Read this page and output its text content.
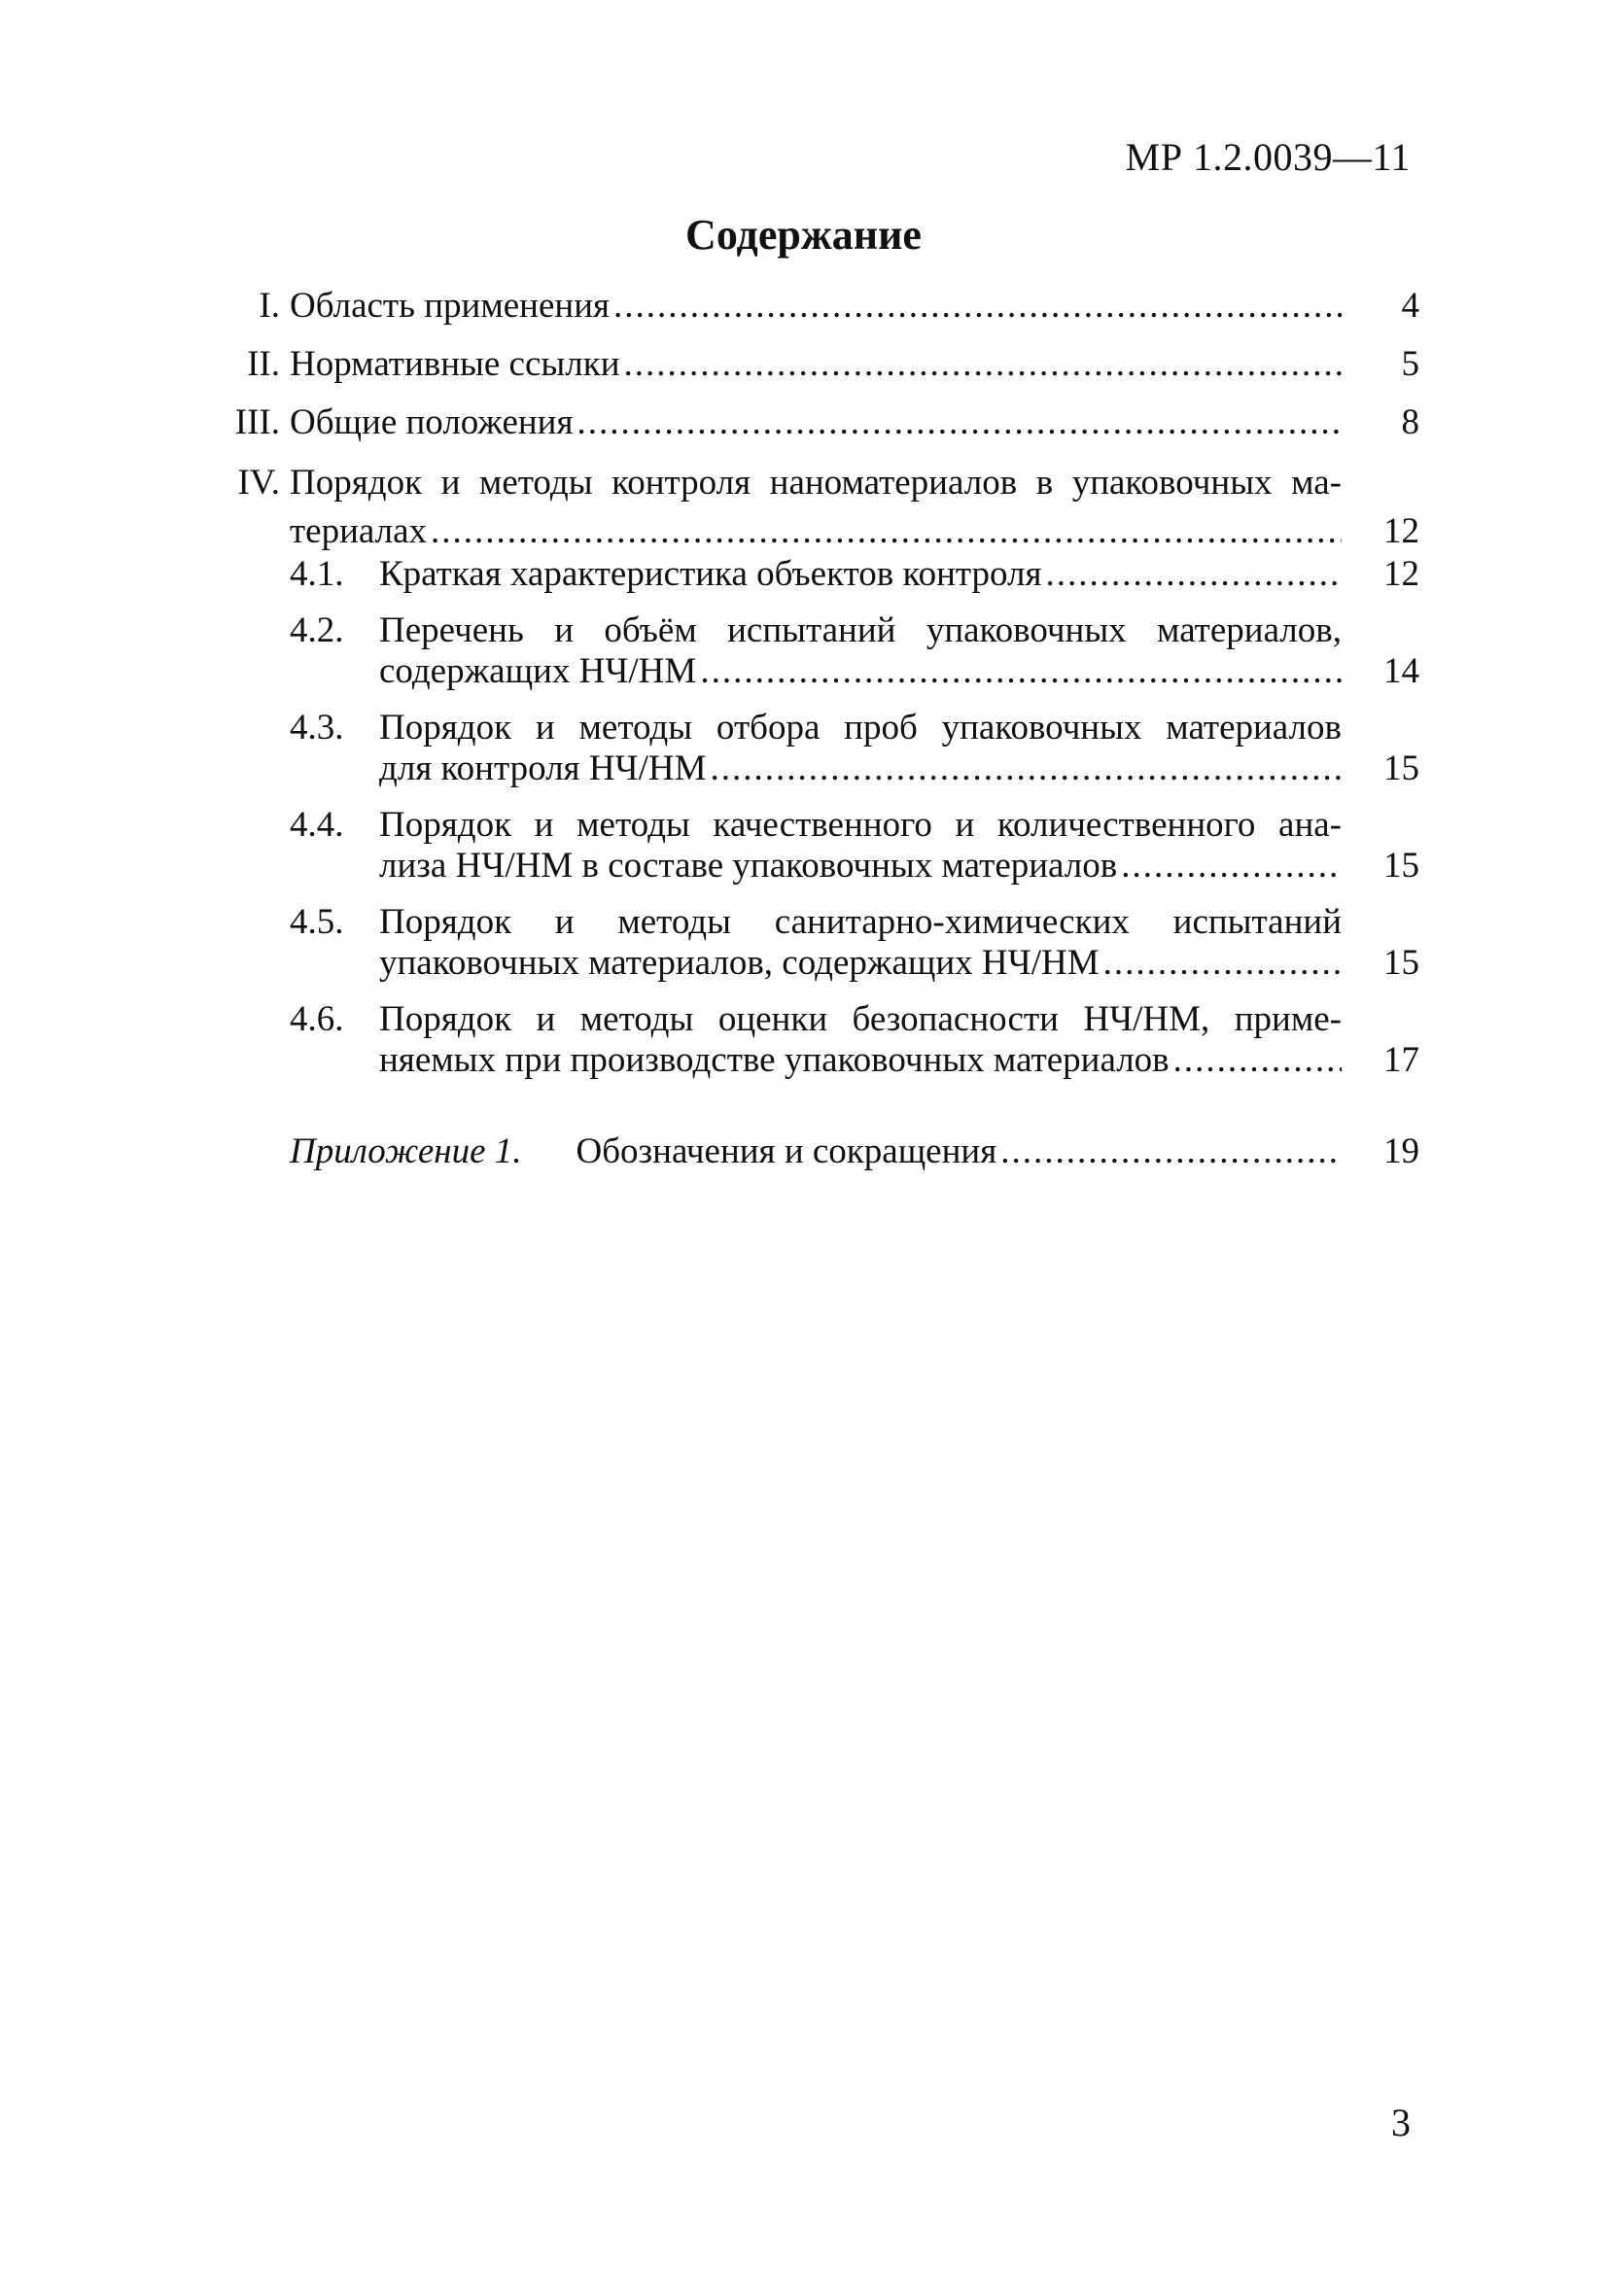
МР 1.2.0039—11
Содержание
I. Область применения .....	4
II. Нормативные ссылки .....	5
III. Общие положения .....	8
IV. Порядок и методы контроля наноматериалов в упаковочных ма-
териалах .....	12
4.1. Краткая характеристика объектов контроля .....	12
4.2. Перечень и объём испытаний упаковочных материалов,
содержащих НЧ/НМ .....	14
4.3. Порядок и методы отбора проб упаковочных материалов
для контроля НЧ/НМ .....	15
4.4. Порядок и методы качественного и количественного ана-
лиза НЧ/НМ в составе упаковочных материалов .....	15
4.5. Порядок и методы санитарно-химических испытаний
упаковочных материалов, содержащих НЧ/НМ .....	15
4.6. Порядок и методы оценки безопасности НЧ/НМ, приме-
няемых при производстве упаковочных материалов .....	17
Приложение 1. Обозначения и сокращения .....	19
3
